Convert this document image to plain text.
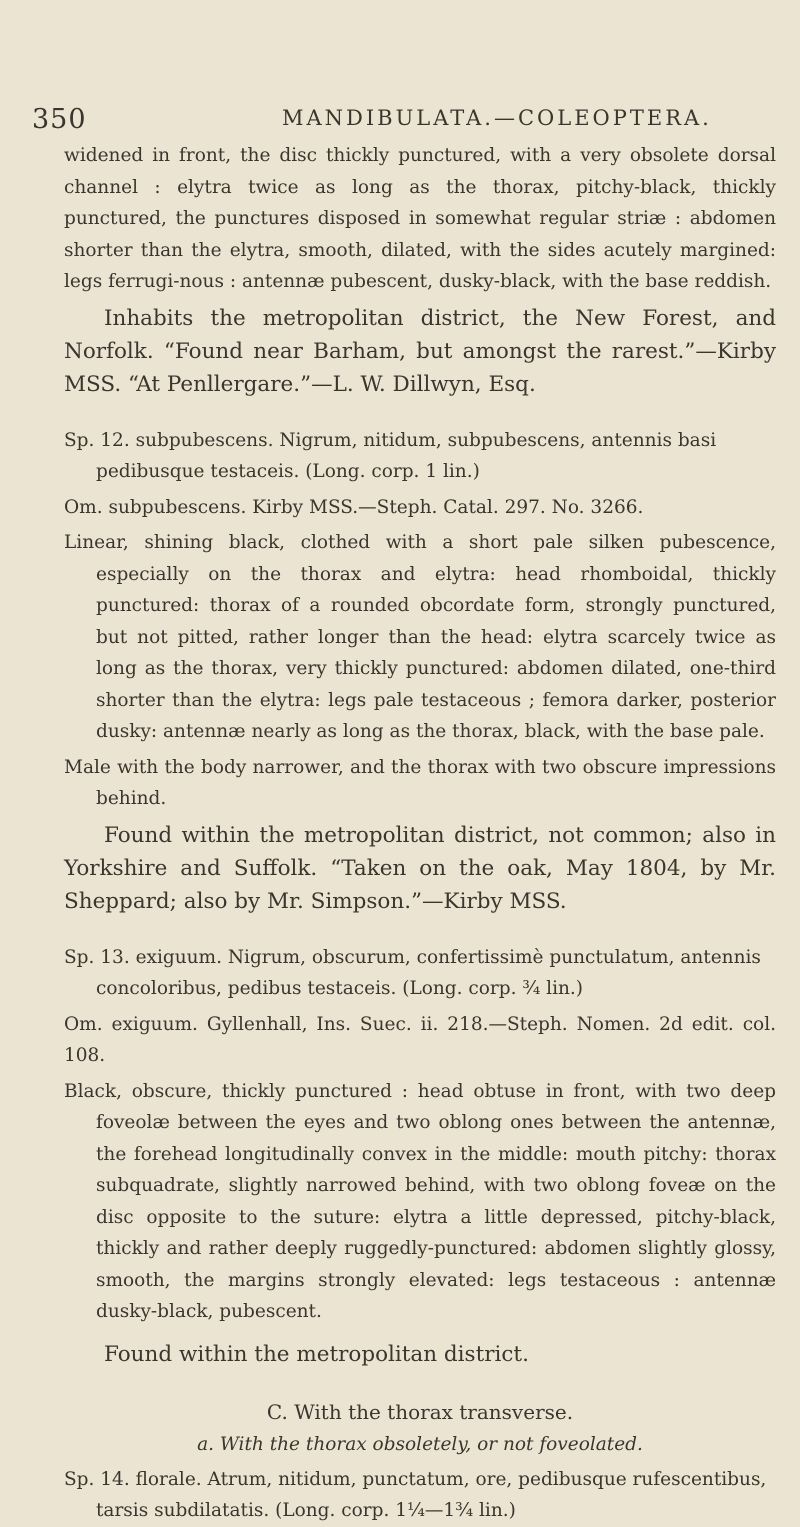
350	MANDIBULATA.—COLEOPTERA.

widened in front, the disc thickly punctured, with a very obsolete dorsal channel : elytra twice as long as the thorax, pitchy-black, thickly punctured, the punctures disposed in somewhat regular striæ : abdomen shorter than the elytra, smooth, dilated, with the sides acutely margined: legs ferrugi-nous : antennæ pubescent, dusky-black, with the base reddish.

Inhabits the metropolitan district, the New Forest, and Norfolk. “Found near Barham, but amongst the rarest.”—Kirby MSS. “At Penllergare.”—L. W. Dillwyn, Esq.

Sp. 12. subpubescens. Nigrum, nitidum, subpubescens, antennis basi pedibusque testaceis. (Long. corp. 1 lin.)

Om. subpubescens. Kirby MSS.—Steph. Catal. 297. No. 3266.

Linear, shining black, clothed with a short pale silken pubescence, especially on the thorax and elytra: head rhomboidal, thickly punctured: thorax of a rounded obcordate form, strongly punctured, but not pitted, rather longer than the head: elytra scarcely twice as long as the thorax, very thickly punctured: abdomen dilated, one-third shorter than the elytra: legs pale testaceous ; femora darker, posterior dusky: antennæ nearly as long as the thorax, black, with the base pale.

Male with the body narrower, and the thorax with two obscure impressions behind.

Found within the metropolitan district, not common; also in Yorkshire and Suffolk. “Taken on the oak, May 1804, by Mr. Sheppard; also by Mr. Simpson.”—Kirby MSS.

Sp. 13. exiguum. Nigrum, obscurum, confertissimè punctulatum, antennis concoloribus, pedibus testaceis. (Long. corp. ¾ lin.)

Om. exiguum. Gyllenhall, Ins. Suec. ii. 218.—Steph. Nomen. 2d edit. col. 108.

Black, obscure, thickly punctured : head obtuse in front, with two deep foveolæ between the eyes and two oblong ones between the antennæ, the forehead longitudinally convex in the middle: mouth pitchy: thorax subquadrate, slightly narrowed behind, with two oblong foveæ on the disc opposite to the suture: elytra a little depressed, pitchy-black, thickly and rather deeply ruggedly-punctured: abdomen slightly glossy, smooth, the margins strongly elevated: legs testaceous : antennæ dusky-black, pubescent.

Found within the metropolitan district.

C. With the thorax transverse.

a. With the thorax obsoletely, or not foveolated.

Sp. 14. florale. Atrum, nitidum, punctatum, ore, pedibusque rufescentibus, tarsis subdilatatis. (Long. corp. 1¼—1¾ lin.)
